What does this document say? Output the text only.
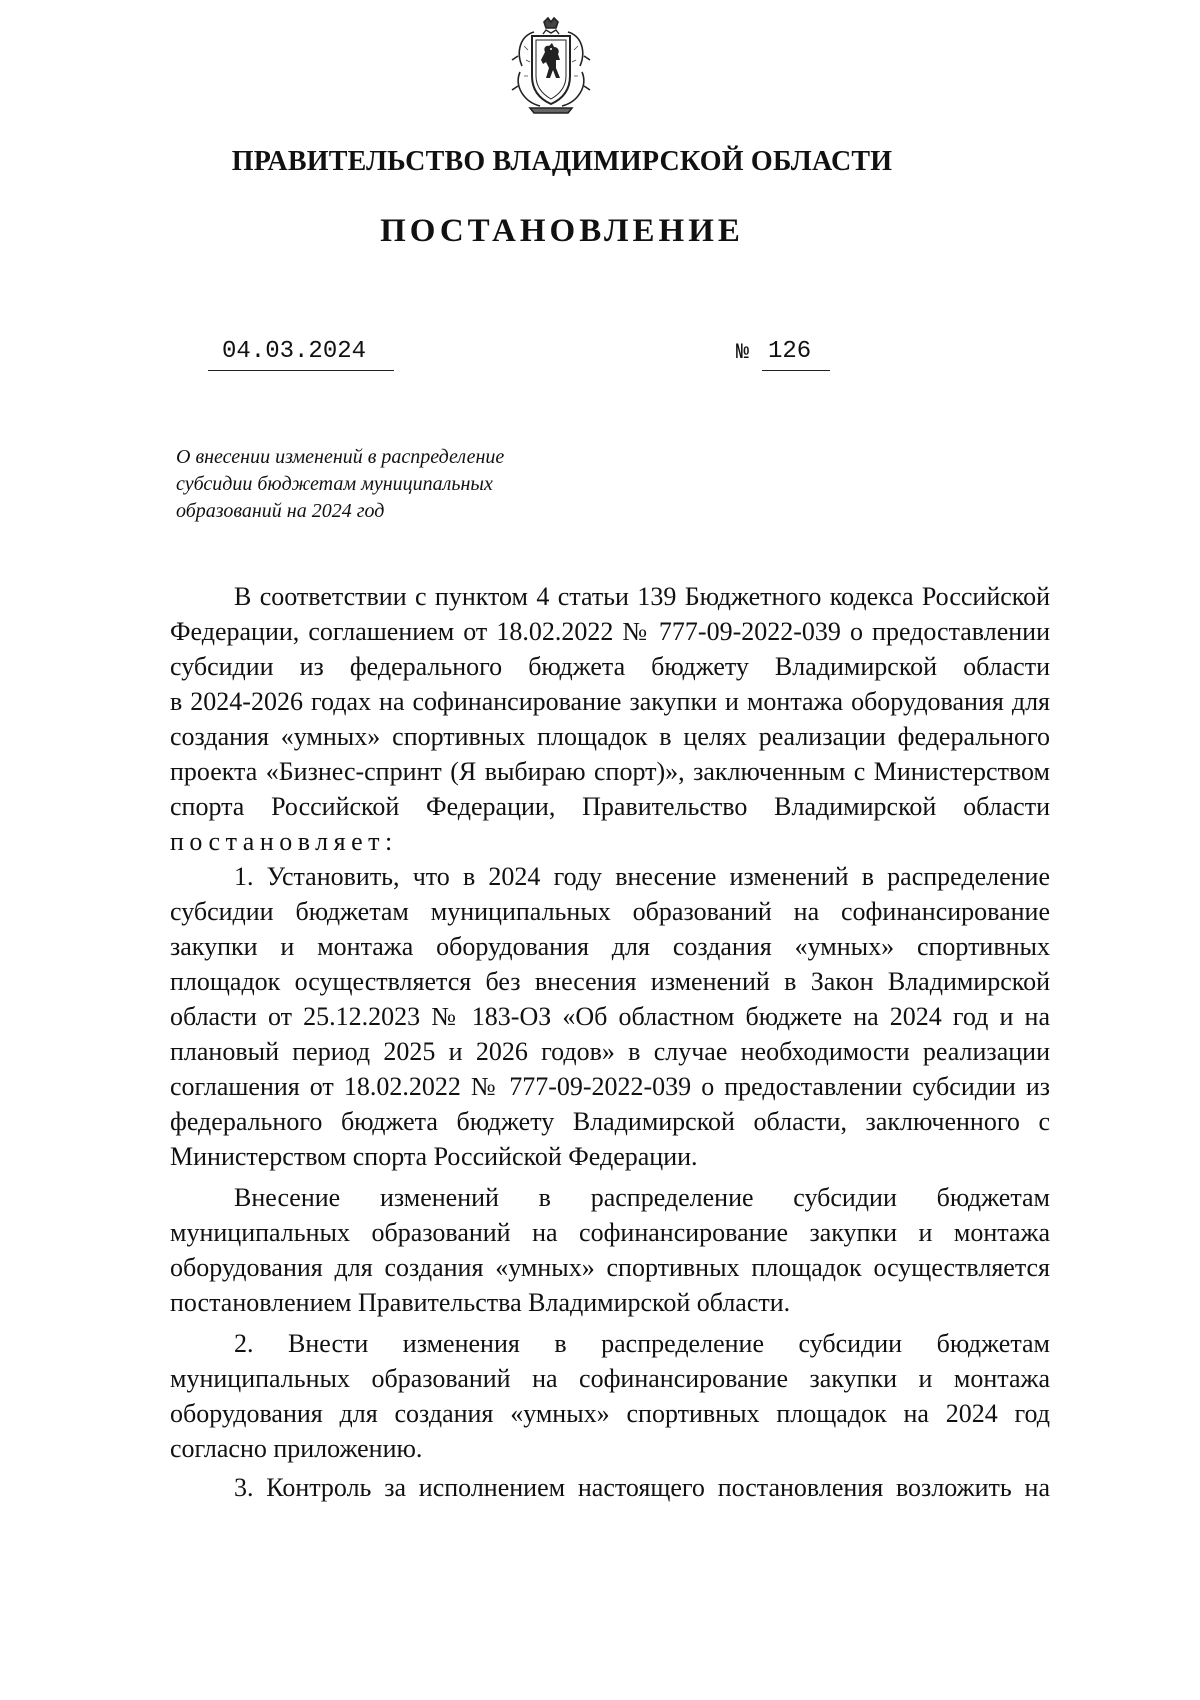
ПРАВИТЕЛЬСТВО ВЛАДИМИРСКОЙ ОБЛАСТИ
ПОСТАНОВЛЕНИЕ
04.03.2024	№ 126
О внесении изменений в распределение
субсидии бюджетам муниципальных
образований на 2024 год
В соответствии с пунктом 4 статьи 139 Бюджетного кодекса Российской
Федерации, соглашением от 18.02.2022 № 777-09-2022-039 о предоставлении
субсидии из федерального бюджета бюджету Владимирской области
в 2024-2026 годах на софинансирование закупки и монтажа оборудования для
создания «умных» спортивных площадок в целях реализации федерального
проекта «Бизнес-спринт (Я выбираю спорт)», заключенным с Министерством
спорта Российской Федерации, Правительство Владимирской области
постановляет:
1. Установить, что в 2024 году внесение изменений в распределение
субсидии бюджетам муниципальных образований на софинансирование
закупки и монтажа оборудования для создания «умных» спортивных
площадок осуществляется без внесения изменений в Закон Владимирской
области от 25.12.2023 № 183-ОЗ «Об областном бюджете на 2024 год и на
плановый период 2025 и 2026 годов» в случае необходимости реализации
соглашения от 18.02.2022 № 777-09-2022-039 о предоставлении субсидии из
федерального бюджета бюджету Владимирской области, заключенного с
Министерством спорта Российской Федерации.
Внесение изменений в распределение субсидии бюджетам
муниципальных образований на софинансирование закупки и монтажа
оборудования для создания «умных» спортивных площадок осуществляется
постановлением Правительства Владимирской области.
2. Внести изменения в распределение субсидии бюджетам
муниципальных образований на софинансирование закупки и монтажа
оборудования для создания «умных» спортивных площадок на 2024 год
согласно приложению.
3. Контроль за исполнением настоящего постановления возложить на
